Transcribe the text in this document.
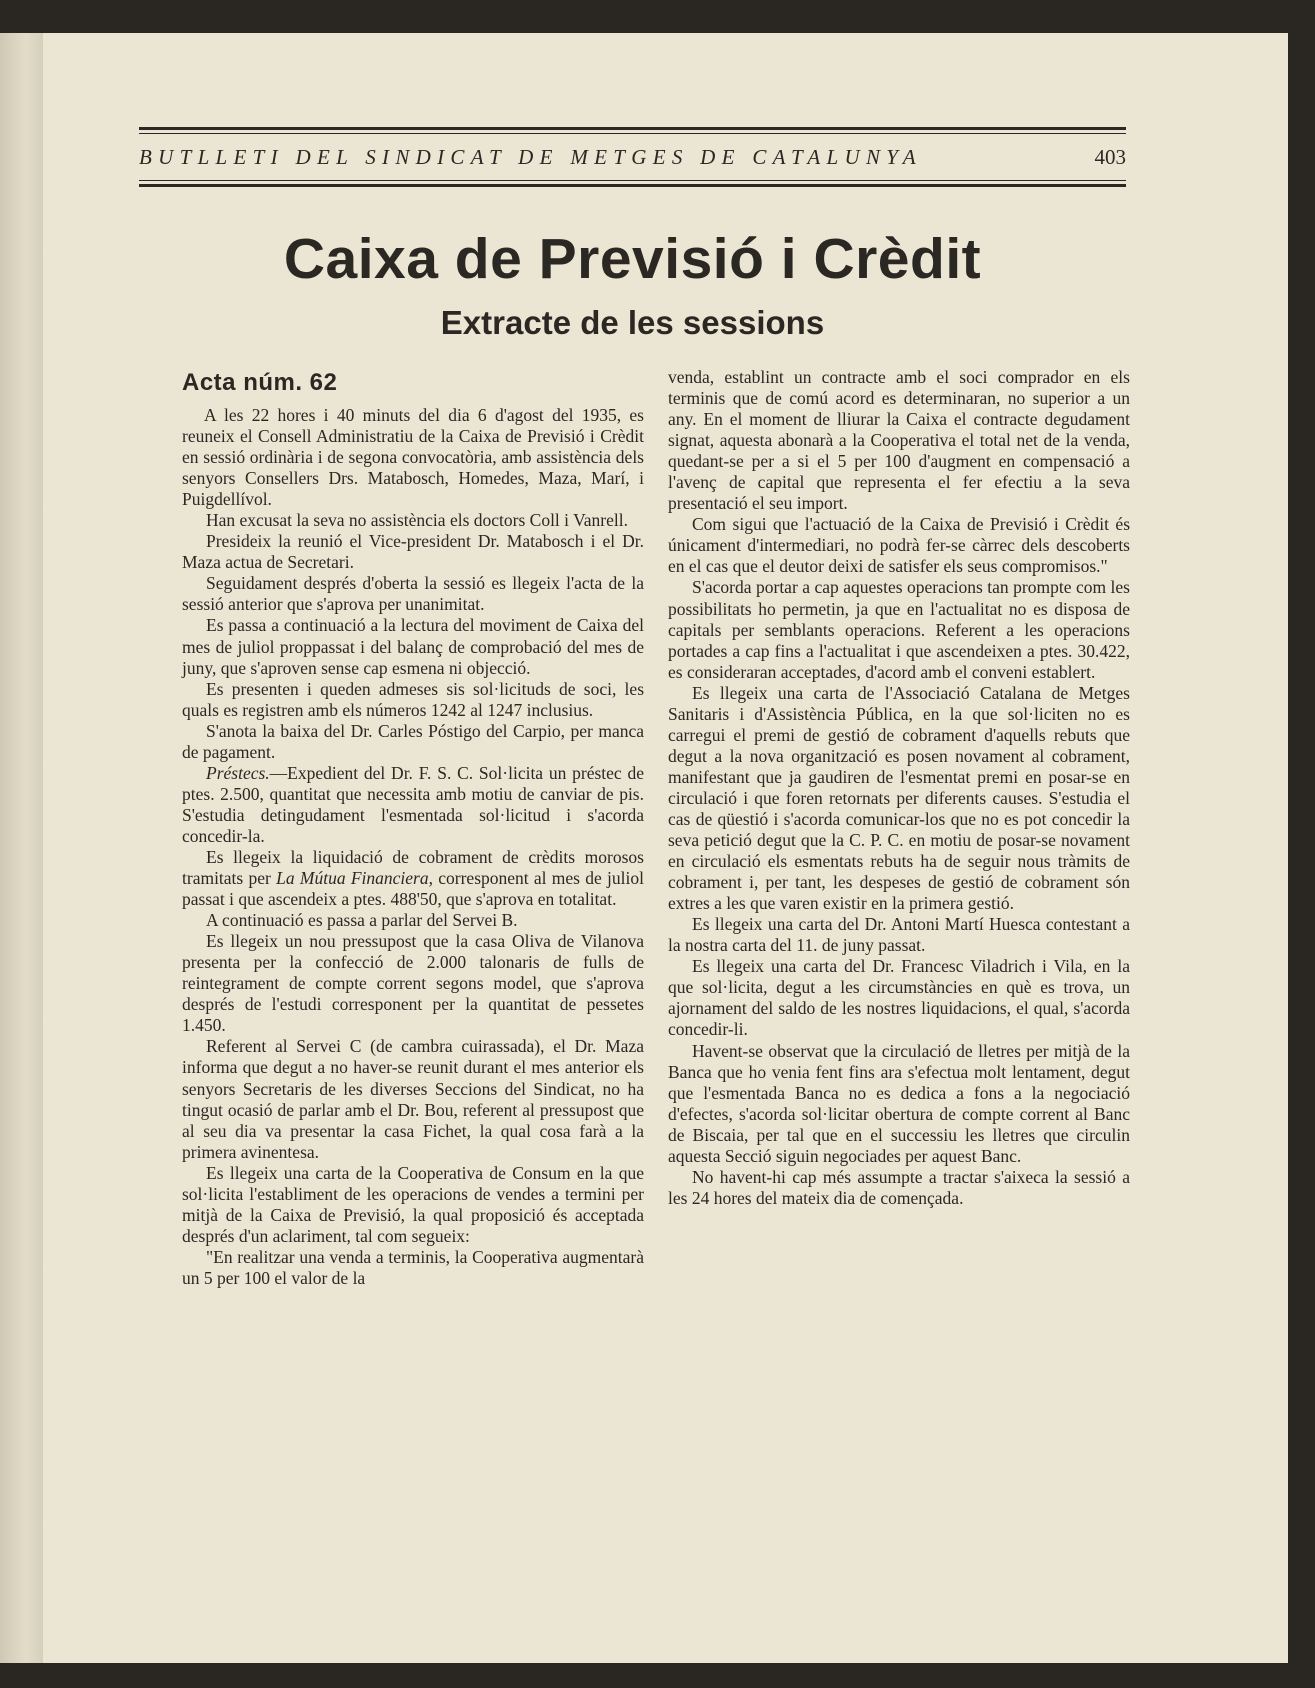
BUTLLETI DEL SINDICAT DE METGES DE CATALUNYA	403
Caixa de Previsió i Crèdit
Extracte de les sessions
Acta núm. 62

A les 22 hores i 40 minuts del dia 6 d'agost del 1935, es reuneix el Consell Administratiu de la Caixa de Previsió i Crèdit en sessió ordinària i de segona convocatòria, amb assistència dels senyors Consellers Drs. Matabosch, Homedes, Maza, Marí, i Puigdellívol.

Han excusat la seva no assistència els doctors Coll i Vanrell.

Presideix la reunió el Vice-president Dr. Matabosch i el Dr. Maza actua de Secretari.

Seguidament després d'oberta la sessió es llegeix l'acta de la sessió anterior que s'aprova per unanimitat.

Es passa a continuació a la lectura del moviment de Caixa del mes de juliol proppassat i del balanç de comprobació del mes de juny, que s'aproven sense cap esmena ni objecció.

Es presenten i queden admeses sis sol·licituds de soci, les quals es registren amb els números 1242 al 1247 inclusius.

S'anota la baixa del Dr. Carles Póstigo del Carpio, per manca de pagament.

Préstecs.—Expedient del Dr. F. S. C. Sol·licita un préstec de ptes. 2.500, quantitat que necessita amb motiu de canviar de pis. S'estudia detingudament l'esmentada sol·licitud i s'acorda concedir-la.

Es llegeix la liquidació de cobrament de crèdits morosos tramitats per La Mútua Financiera, corresponent al mes de juliol passat i que ascendeix a ptes. 488'50, que s'aprova en totalitat.

A continuació es passa a parlar del Servei B.

Es llegeix un nou pressupost que la casa Oliva de Vilanova presenta per la confecció de 2.000 talonaris de fulls de reintegrament de compte corrent segons model, que s'aprova després de l'estudi corresponent per la quantitat de pessetes 1.450.

Referent al Servei C (de cambra cuirassada), el Dr. Maza informa que degut a no haver-se reunit durant el mes anterior els senyors Secretaris de les diverses Seccions del Sindicat, no ha tingut ocasió de parlar amb el Dr. Bou, referent al pressupost que al seu dia va presentar la casa Fichet, la qual cosa farà a la primera avinentesa.

Es llegeix una carta de la Cooperativa de Consum en la que sol·licita l'establiment de les operacions de vendes a termini per mitjà de la Caixa de Previsió, la qual proposició és acceptada després d'un aclariment, tal com segueix:

"En realitzar una venda a terminis, la Cooperativa augmentarà un 5 per 100 el valor de la

venda, establint un contracte amb el soci comprador en els terminis que de comú acord es determinaran, no superior a un any. En el moment de lliurar la Caixa el contracte degudament signat, aquesta abonarà a la Cooperativa el total net de la venda, quedant-se per a si el 5 per 100 d'augment en compensació a l'avenç de capital que representa el fer efectiu a la seva presentació el seu import.

Com sigui que l'actuació de la Caixa de Previsió i Crèdit és únicament d'intermediari, no podrà fer-se càrrec dels descoberts en el cas que el deutor deixi de satisfer els seus compromisos."

S'acorda portar a cap aquestes operacions tan prompte com les possibilitats ho permetin, ja que en l'actualitat no es disposa de capitals per semblants operacions. Referent a les operacions portades a cap fins a l'actualitat i que ascendeixen a ptes. 30.422, es consideraran acceptades, d'acord amb el conveni establert.

Es llegeix una carta de l'Associació Catalana de Metges Sanitaris i d'Assistència Pública, en la que sol·liciten no es carregui el premi de gestió de cobrament d'aquells rebuts que degut a la nova organització es posen novament al cobrament, manifestant que ja gaudiren de l'esmentat premi en posar-se en circulació i que foren retornats per diferents causes. S'estudia el cas de qüestió i s'acorda comunicar-los que no es pot concedir la seva petició degut que la C. P. C. en motiu de posar-se novament en circulació els esmentats rebuts ha de seguir nous tràmits de cobrament i, per tant, les despeses de gestió de cobrament són extres a les que varen existir en la primera gestió.

Es llegeix una carta del Dr. Antoni Martí Huesca contestant a la nostra carta del 11. de juny passat.

Es llegeix una carta del Dr. Francesc Viladrich i Vila, en la que sol·licita, degut a les circumstàncies en què es trova, un ajornament del saldo de les nostres liquidacions, el qual, s'acorda concedir-li.

Havent-se observat que la circulació de lletres per mitjà de la Banca que ho venia fent fins ara s'efectua molt lentament, degut que l'esmentada Banca no es dedica a fons a la negociació d'efectes, s'acorda sol·licitar obertura de compte corrent al Banc de Biscaia, per tal que en el successiu les lletres que circulin aquesta Secció siguin negociades per aquest Banc.

No havent-hi cap més assumpte a tractar s'aixeca la sessió a les 24 hores del mateix dia de començada.
